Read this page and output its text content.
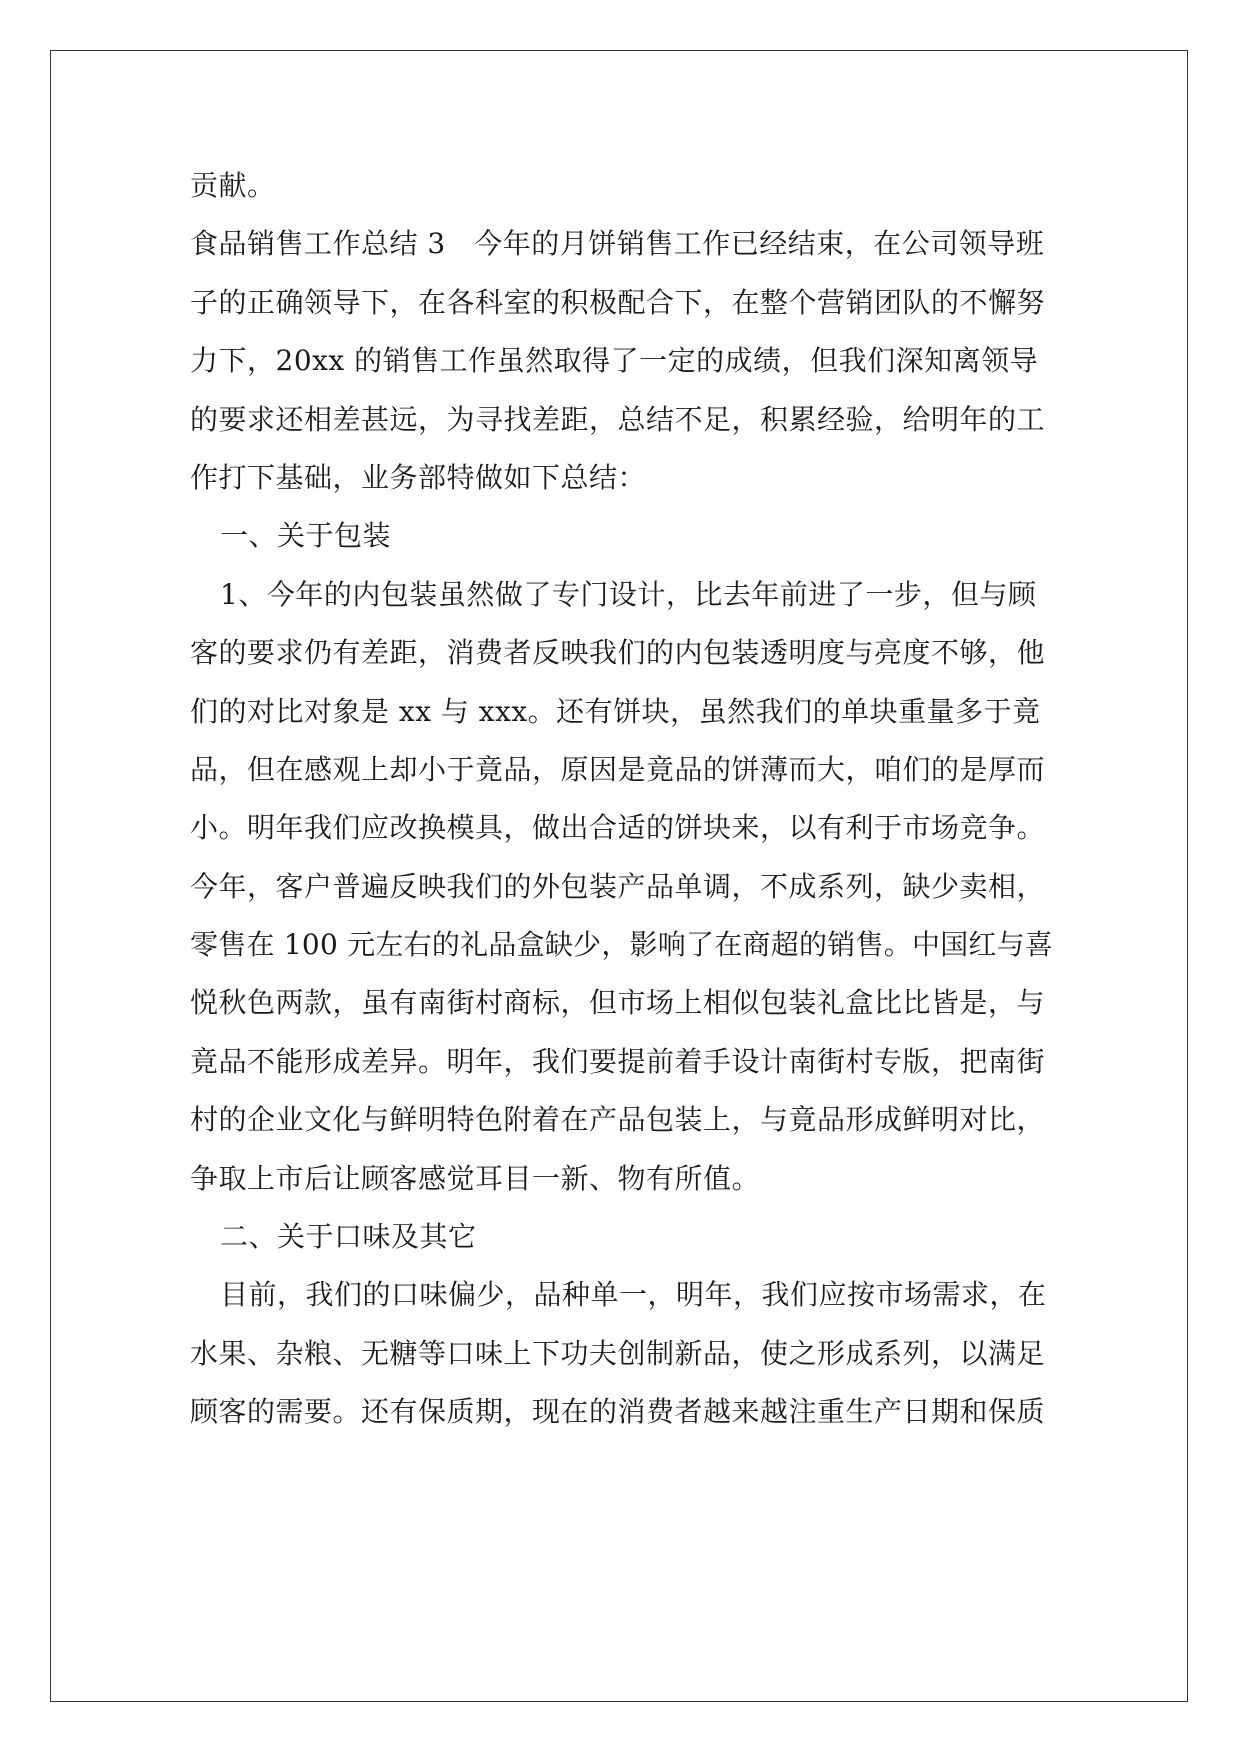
贡献。
食品销售工作总结 3　今年的月饼销售工作已经结束，在公司领导班
子的正确领导下，在各科室的积极配合下，在整个营销团队的不懈努
力下，20xx 的销售工作虽然取得了一定的成绩，但我们深知离领导
的要求还相差甚远，为寻找差距，总结不足，积累经验，给明年的工
作打下基础，业务部特做如下总结：
一、关于包装
1、今年的内包装虽然做了专门设计，比去年前进了一步，但与顾
客的要求仍有差距，消费者反映我们的内包装透明度与亮度不够，他
们的对比对象是 xx 与 xxx。还有饼块，虽然我们的单块重量多于竟
品，但在感观上却小于竟品，原因是竟品的饼薄而大，咱们的是厚而
小。明年我们应改换模具，做出合适的饼块来，以有利于市场竞争。
今年，客户普遍反映我们的外包装产品单调，不成系列，缺少卖相，
零售在 100 元左右的礼品盒缺少，影响了在商超的销售。中国红与喜
悦秋色两款，虽有南街村商标，但市场上相似包装礼盒比比皆是，与
竟品不能形成差异。明年，我们要提前着手设计南街村专版，把南街
村的企业文化与鲜明特色附着在产品包装上，与竟品形成鲜明对比，
争取上市后让顾客感觉耳目一新、物有所值。
二、关于口味及其它
目前，我们的口味偏少，品种单一，明年，我们应按市场需求，在
水果、杂粮、无糖等口味上下功夫创制新品，使之形成系列，以满足
顾客的需要。还有保质期，现在的消费者越来越注重生产日期和保质
